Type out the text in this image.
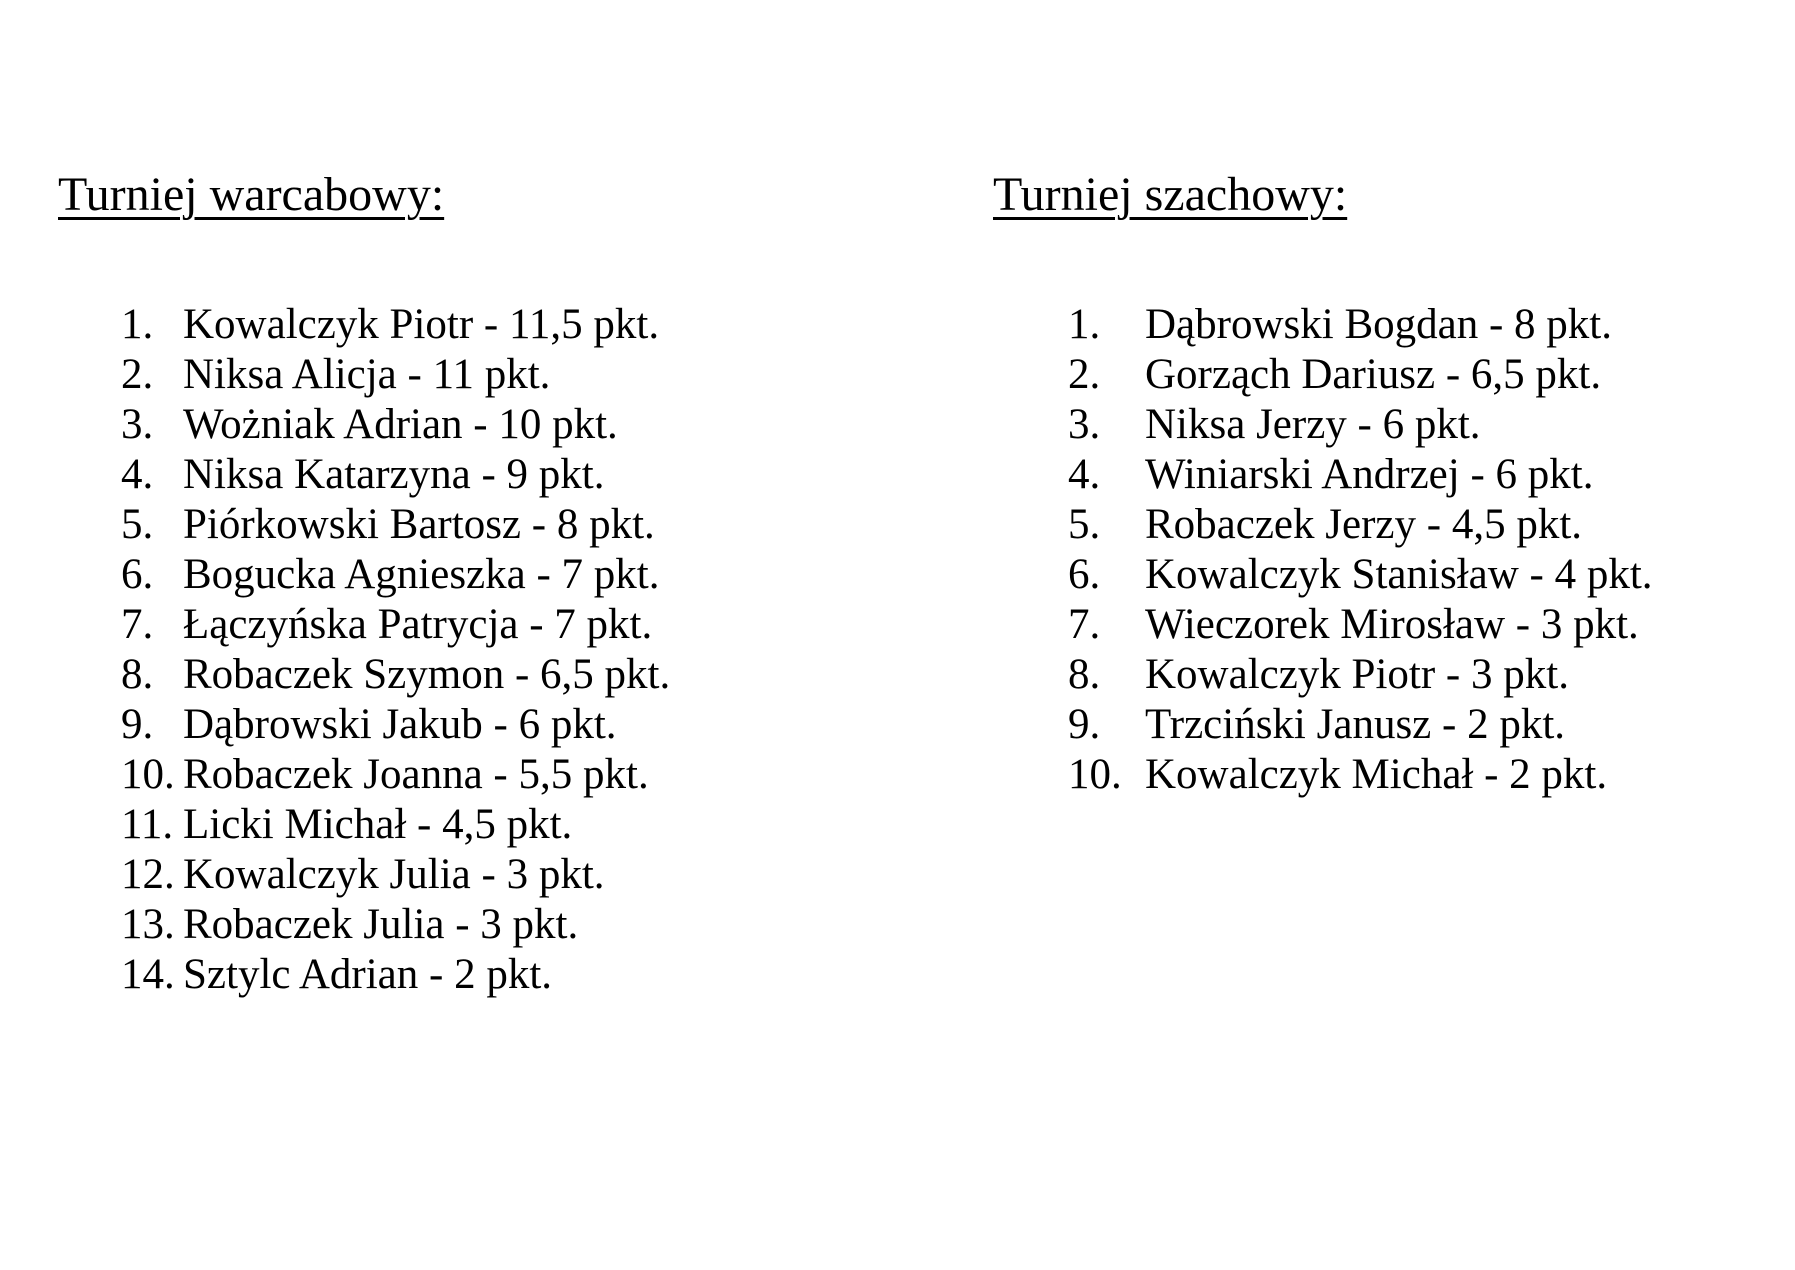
Turniej warcabowy:
1. Kowalczyk Piotr - 11,5 pkt.
2. Niksa Alicja - 11 pkt.
3. Wożniak Adrian - 10 pkt.
4. Niksa Katarzyna - 9 pkt.
5. Piórkowski Bartosz - 8 pkt.
6. Bogucka Agnieszka - 7 pkt.
7. Łączyńska Patrycja - 7 pkt.
8. Robaczek Szymon - 6,5 pkt.
9. Dąbrowski Jakub - 6 pkt.
10. Robaczek Joanna - 5,5 pkt.
11. Licki Michał - 4,5 pkt.
12. Kowalczyk Julia - 3 pkt.
13. Robaczek Julia - 3 pkt.
14. Sztylc Adrian - 2 pkt.
Turniej szachowy:
1.	Dąbrowski Bogdan - 8 pkt.
2.	Gorząch Dariusz - 6,5 pkt.
3.	Niksa Jerzy - 6 pkt.
4.	Winiarski Andrzej - 6 pkt.
5.	Robaczek Jerzy - 4,5 pkt.
6.	Kowalczyk Stanisław - 4 pkt.
7.	Wieczorek Mirosław - 3 pkt.
8.	Kowalczyk Piotr - 3 pkt.
9.	Trzciński Janusz - 2 pkt.
10. Kowalczyk Michał - 2 pkt.
